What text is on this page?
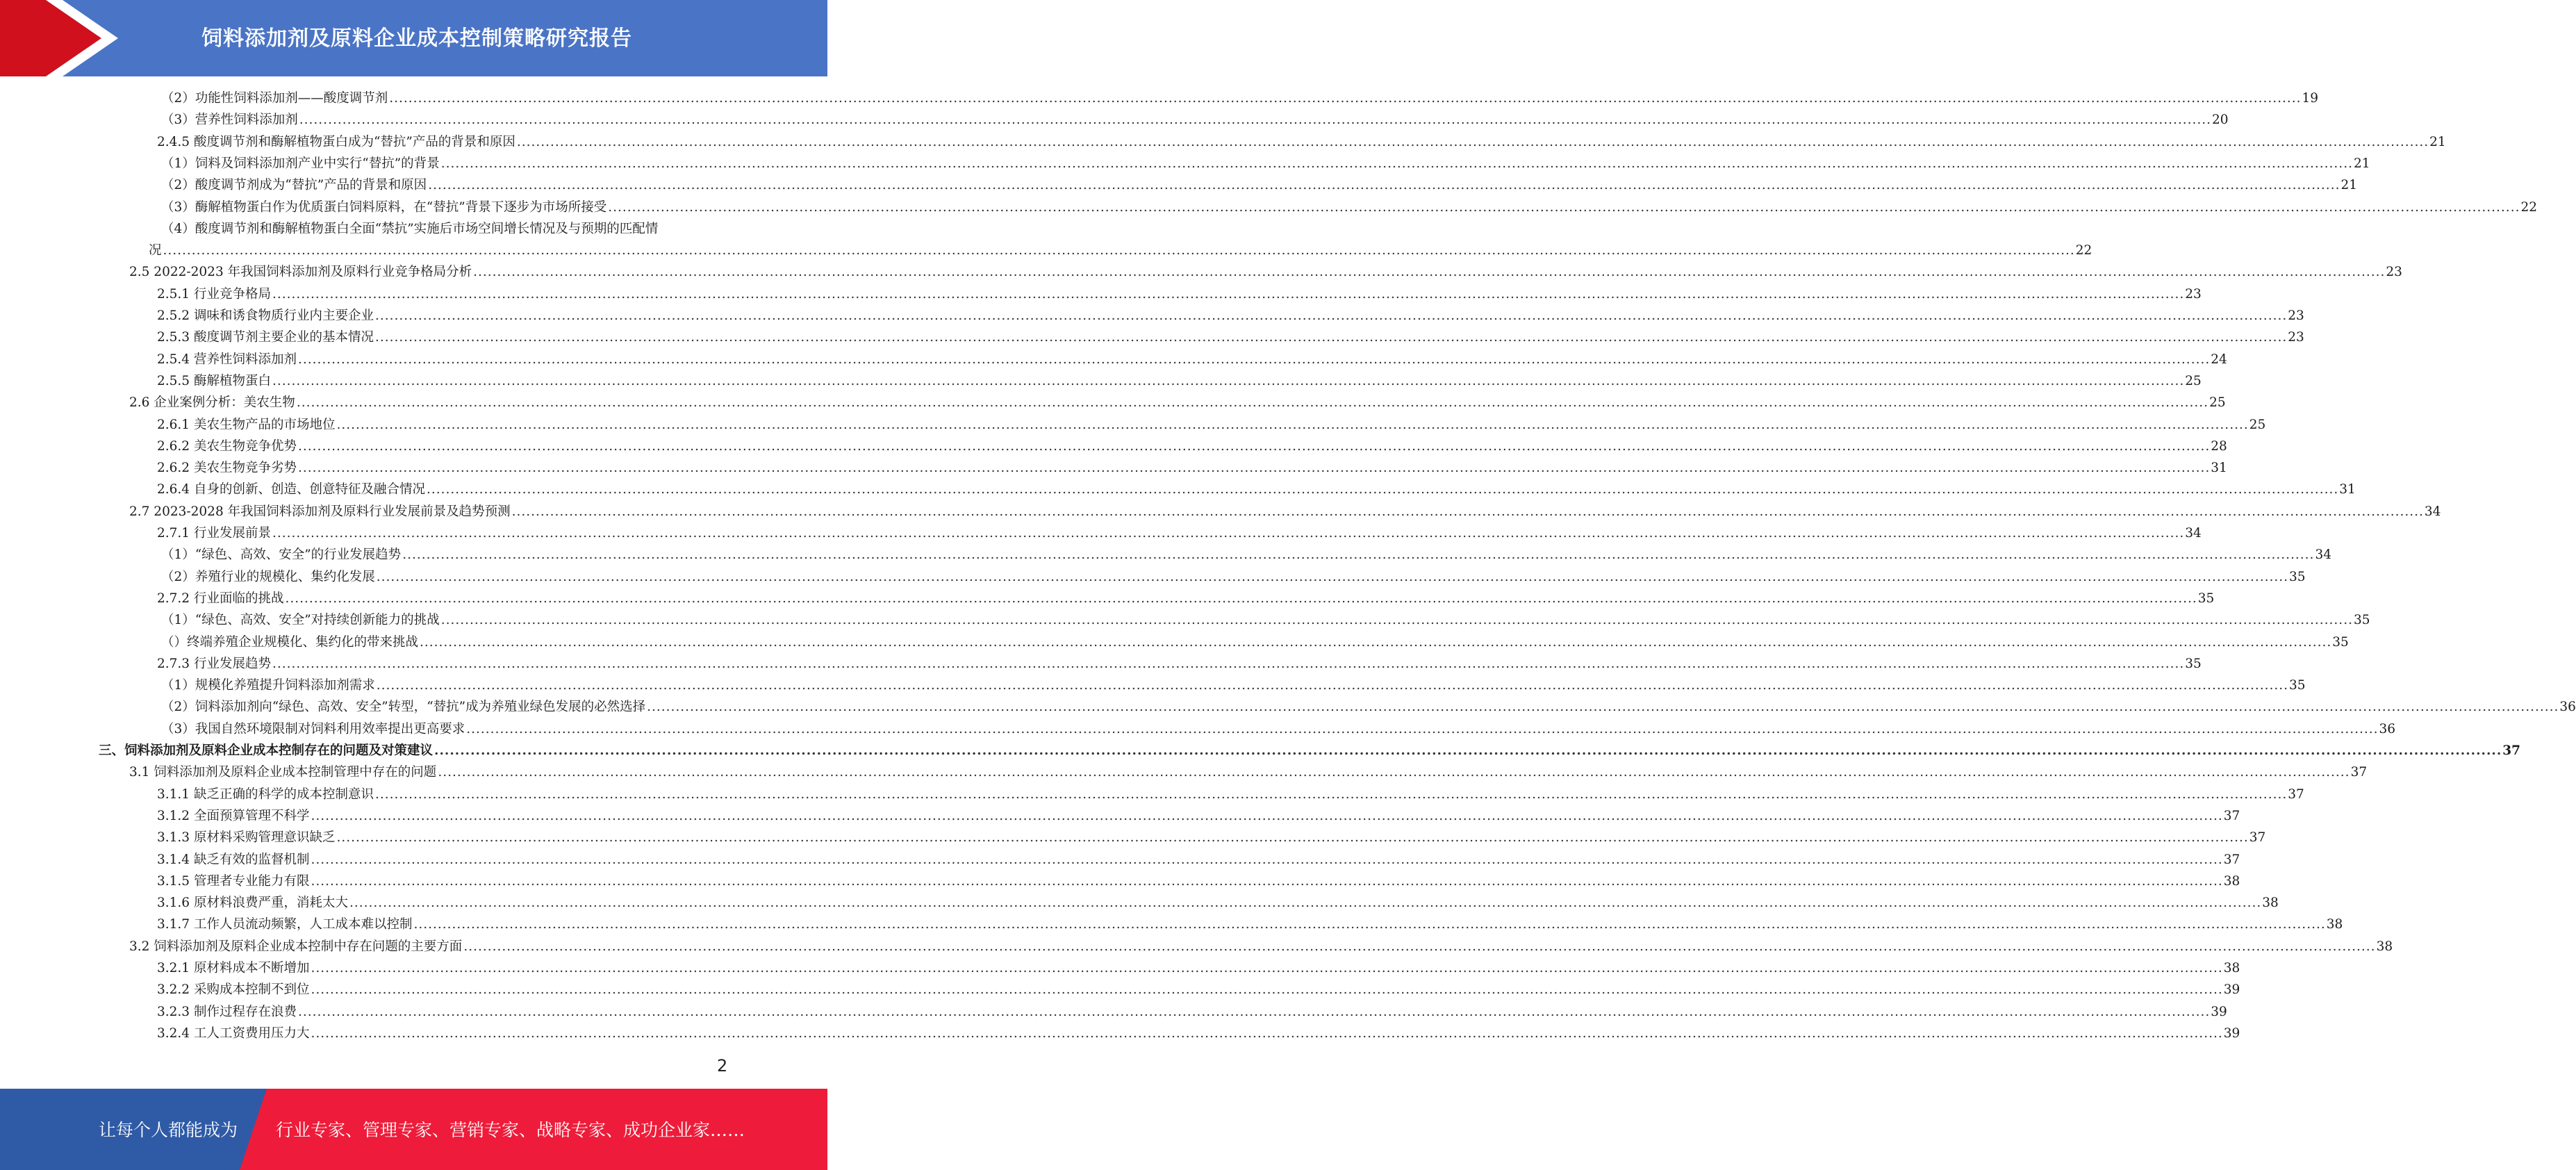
饲料添加剂及原料企业成本控制策略研究报告
（2）功能性饲料添加剂——酸度调节剂 ................................................................................................................................................................................................................................................................................................................................................................................................................ 19
（3）营养性饲料添加剂 ................................................................................................................................................................................................................................................................................................................................................................................................................ 20
2.4.5 酸度调节剂和酶解植物蛋白成为“替抗”产品的背景和原因 ................................................................................................................................................................................................................................................................................................................................................................................................................ 21
（1）饲料及饲料添加剂产业中实行“替抗”的背景 ................................................................................................................................................................................................................................................................................................................................................................................................................ 21
（2）酸度调节剂成为“替抗”产品的背景和原因 ................................................................................................................................................................................................................................................................................................................................................................................................................ 21
（3）酶解植物蛋白作为优质蛋白饲料原料，在“替抗”背景下逐步为市场所接受 ................................................................................................................................................................................................................................................................................................................................................................................................................ 22
（4）酸度调节剂和酶解植物蛋白全面“禁抗”实施后市场空间增长情况及与预期的匹配情
况 ................................................................................................................................................................................................................................................................................................................................................................................................................ 22
2.5 2022-2023 年我国饲料添加剂及原料行业竞争格局分析 ................................................................................................................................................................................................................................................................................................................................................................................................................ 23
2.5.1 行业竞争格局 ................................................................................................................................................................................................................................................................................................................................................................................................................ 23
2.5.2 调味和诱食物质行业内主要企业 ................................................................................................................................................................................................................................................................................................................................................................................................................ 23
2.5.3 酸度调节剂主要企业的基本情况 ................................................................................................................................................................................................................................................................................................................................................................................................................ 23
2.5.4 营养性饲料添加剂 ................................................................................................................................................................................................................................................................................................................................................................................................................ 24
2.5.5 酶解植物蛋白 ................................................................................................................................................................................................................................................................................................................................................................................................................ 25
2.6 企业案例分析：美农生物 ................................................................................................................................................................................................................................................................................................................................................................................................................ 25
2.6.1 美农生物产品的市场地位 ................................................................................................................................................................................................................................................................................................................................................................................................................ 25
2.6.2 美农生物竞争优势 ................................................................................................................................................................................................................................................................................................................................................................................................................ 28
2.6.2 美农生物竞争劣势 ................................................................................................................................................................................................................................................................................................................................................................................................................ 31
2.6.4 自身的创新、创造、创意特征及融合情况 ................................................................................................................................................................................................................................................................................................................................................................................................................ 31
2.7 2023-2028 年我国饲料添加剂及原料行业发展前景及趋势预测 ................................................................................................................................................................................................................................................................................................................................................................................................................ 34
2.7.1 行业发展前景 ................................................................................................................................................................................................................................................................................................................................................................................................................ 34
（1）“绿色、高效、安全”的行业发展趋势 ................................................................................................................................................................................................................................................................................................................................................................................................................ 34
（2）养殖行业的规模化、集约化发展 ................................................................................................................................................................................................................................................................................................................................................................................................................ 35
2.7.2 行业面临的挑战 ................................................................................................................................................................................................................................................................................................................................................................................................................ 35
（1）“绿色、高效、安全”对持续创新能力的挑战 ................................................................................................................................................................................................................................................................................................................................................................................................................ 35
（）终端养殖企业规模化、集约化的带来挑战 ................................................................................................................................................................................................................................................................................................................................................................................................................ 35
2.7.3 行业发展趋势 ................................................................................................................................................................................................................................................................................................................................................................................................................ 35
（1）规模化养殖提升饲料添加剂需求 ................................................................................................................................................................................................................................................................................................................................................................................................................ 35
（2）饲料添加剂向“绿色、高效、安全”转型，“替抗”成为养殖业绿色发展的必然选择 ................................................................................................................................................................................................................................................................................................................................................................................................................ 36
（3）我国自然环境限制对饲料利用效率提出更高要求 ................................................................................................................................................................................................................................................................................................................................................................................................................ 36
三、饲料添加剂及原料企业成本控制存在的问题及对策建议 ................................................................................................................................................................................................................................................................................................................................................................................................................ 37
3.1 饲料添加剂及原料企业成本控制管理中存在的问题 ................................................................................................................................................................................................................................................................................................................................................................................................................ 37
3.1.1 缺乏正确的科学的成本控制意识 ................................................................................................................................................................................................................................................................................................................................................................................................................ 37
3.1.2 全面预算管理不科学 ................................................................................................................................................................................................................................................................................................................................................................................................................ 37
3.1.3 原材料采购管理意识缺乏 ................................................................................................................................................................................................................................................................................................................................................................................................................ 37
3.1.4 缺乏有效的监督机制 ................................................................................................................................................................................................................................................................................................................................................................................................................ 37
3.1.5 管理者专业能力有限 ................................................................................................................................................................................................................................................................................................................................................................................................................ 38
3.1.6 原材料浪费严重，消耗太大 ................................................................................................................................................................................................................................................................................................................................................................................................................ 38
3.1.7 工作人员流动频繁，人工成本难以控制 ................................................................................................................................................................................................................................................................................................................................................................................................................ 38
3.2 饲料添加剂及原料企业成本控制中存在问题的主要方面 ................................................................................................................................................................................................................................................................................................................................................................................................................ 38
3.2.1 原材料成本不断增加 ................................................................................................................................................................................................................................................................................................................................................................................................................ 38
3.2.2 采购成本控制不到位 ................................................................................................................................................................................................................................................................................................................................................................................................................ 39
3.2.3 制作过程存在浪费 ................................................................................................................................................................................................................................................................................................................................................................................................................ 39
3.2.4 工人工资费用压力大 ................................................................................................................................................................................................................................................................................................................................................................................................................ 39
2
让每个人都能成为 行业专家、管理专家、营销专家、战略专家、成功企业家……
